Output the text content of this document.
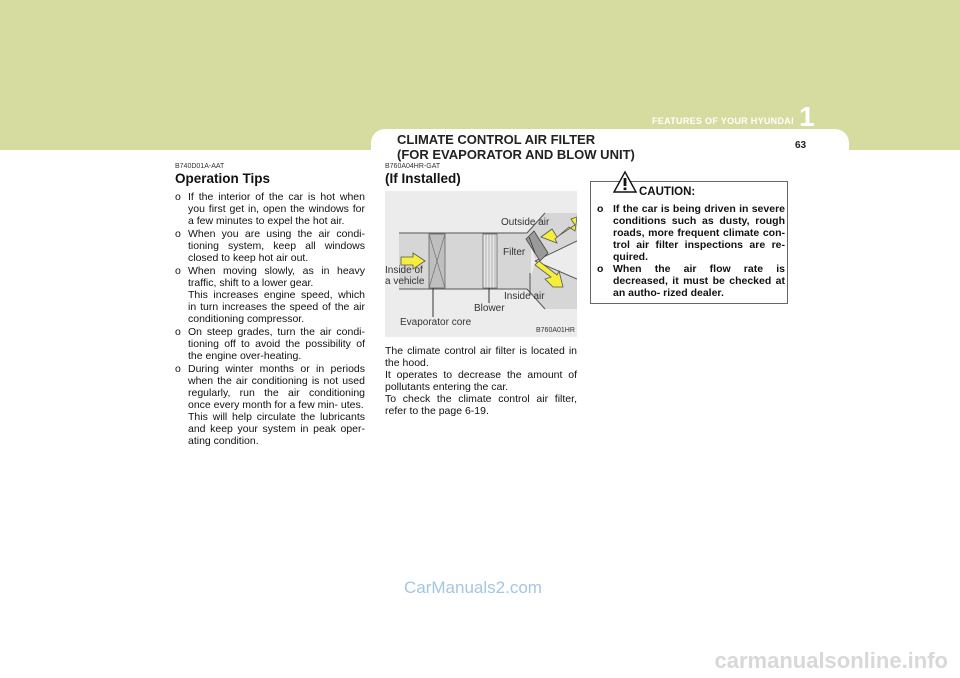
CLIMATE CONTROL AIR FILTER
(FOR EVAPORATOR AND BLOW UNIT)
FEATURES OF YOUR HYUNDAI 1
63

B740D01A-AAT

Operation Tips
o If the interior of the car is hot when you first get in, open the windows for a few minutes to expel the hot air.
o When you are using the air condi- tioning system, keep all windows closed to keep hot air out.
o When moving slowly, as in heavy traffic, shift to a lower gear.
This increases engine speed, which in turn increases the speed of the air conditioning compressor.
o On steep grades, turn the air condi- tioning off to avoid the possibility of the engine over-heating.
o During winter months or in periods when the air conditioning is not used regularly, run the air conditioning once every month for a few min- utes.
This will help circulate the lubricants and keep your system in peak oper- ating condition.

B760A04HR-GAT

(If Installed)
Outside air
Filter
Inside of
a vehicle
Inside air
Blower
Evaporator core
B760A01HR

The climate control air filter is located in the hood.
It operates to decrease the amount of pollutants entering the car.
To check the climate control air filter, refer to the page 6-19.

CAUTION:
o If the car is being driven in severe conditions such as dusty, rough roads, more frequent climate con- trol air filter inspections are re- quired.
o When the air flow rate is decreased, it must be checked at an autho- rized dealer.
CarManuals2.com
carmanualsonline.info
